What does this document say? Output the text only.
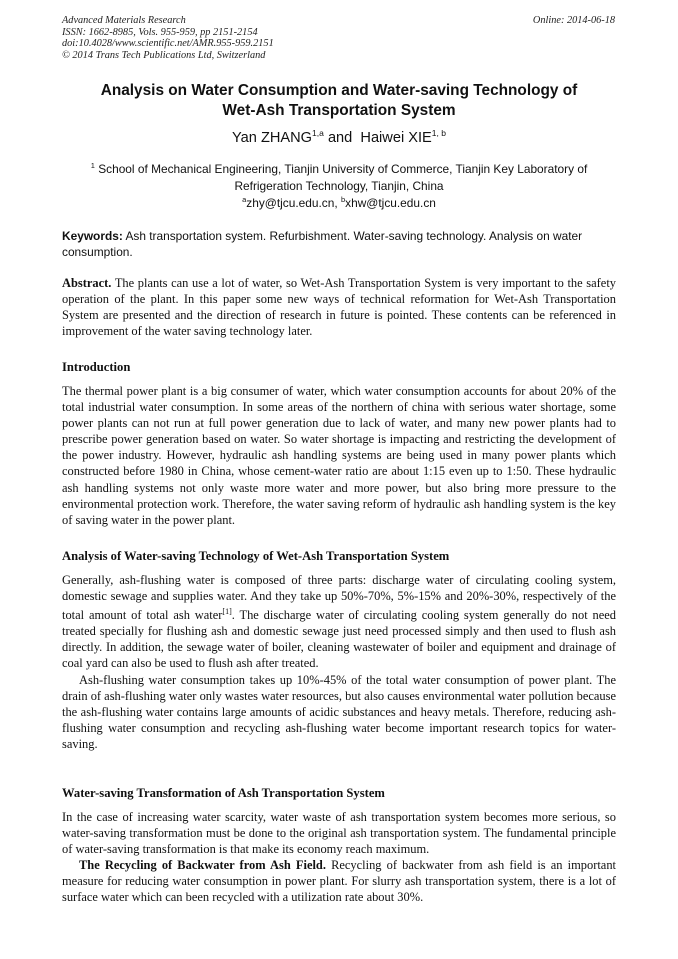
Advanced Materials Research
ISSN: 1662-8985, Vols. 955-959, pp 2151-2154
doi:10.4028/www.scientific.net/AMR.955-959.2151
© 2014 Trans Tech Publications Ltd, Switzerland
Online: 2014-06-18
Analysis on Water Consumption and Water-saving Technology of
Wet-Ash Transportation System
Yan ZHANG$^{1,a}$ and Haiwei XIE$^{1, b}$
$^1$ School of Mechanical Engineering, Tianjin University of Commerce, Tianjin Key Laboratory of Refrigeration Technology, Tianjin, China
$^a$zhy@tjcu.edu.cn, $^b$xhw@tjcu.edu.cn
Keywords: Ash transportation system. Refurbishment. Water-saving technology. Analysis on water consumption.

Abstract. The plants can use a lot of water, so Wet-Ash Transportation System is very important to the safety operation of the plant. In this paper some new ways of technical reformation for Wet-Ash Transportation System are presented and the direction of research in future is pointed. These contents can be referenced in improvement of the water saving technology later.

Introduction

The thermal power plant is a big consumer of water, which water consumption accounts for about 20% of the total industrial water consumption. In some areas of the northern of china with serious water shortage, some power plants can not run at full power generation due to lack of water, and many new power plants had to prescribe power generation based on water. So water shortage is impacting and restricting the development of the power industry. However, hydraulic ash handling systems are being used in many power plants which constructed before 1980 in China, whose cement-water ratio are about 1:15 even up to 1:50. These hydraulic ash handling systems not only waste more water and more power, but also bring more pressure to the environmental protection work. Therefore, the water saving reform of hydraulic ash handling system is the key of saving water in the power plant.

Analysis of Water-saving Technology of Wet-Ash Transportation System

Generally, ash-flushing water is composed of three parts: discharge water of circulating cooling system, domestic sewage and supplies water. And they take up 50%-70%, 5%-15% and 20%-30%, respectively of the total amount of total ash water[1]. The discharge water of circulating cooling system generally do not need treated specially for flushing ash and domestic sewage just need processed simply and then used to flush ash directly. In addition, the sewage water of boiler, cleaning wastewater of boiler and equipment and drainage of coal yard can also be used to flush ash after treated.

Ash-flushing water consumption takes up 10%-45% of the total water consumption of power plant. The drain of ash-flushing water only wastes water resources, but also causes environmental water pollution because the ash-flushing water contains large amounts of acidic substances and heavy metals. Therefore, reducing ash-flushing water consumption and recycling ash-flushing water become important research topics for water-saving.

Water-saving Transformation of Ash Transportation System

In the case of increasing water scarcity, water waste of ash transportation system becomes more serious, so water-saving transformation must be done to the original ash transportation system. The fundamental principle of water-saving transformation is that make its economy reach maximum.

The Recycling of Backwater from Ash Field. Recycling of backwater from ash field is an important measure for reducing water consumption in power plant. For slurry ash transportation system, there is a lot of surface water which can been recycled with a utilization rate about 30%.
